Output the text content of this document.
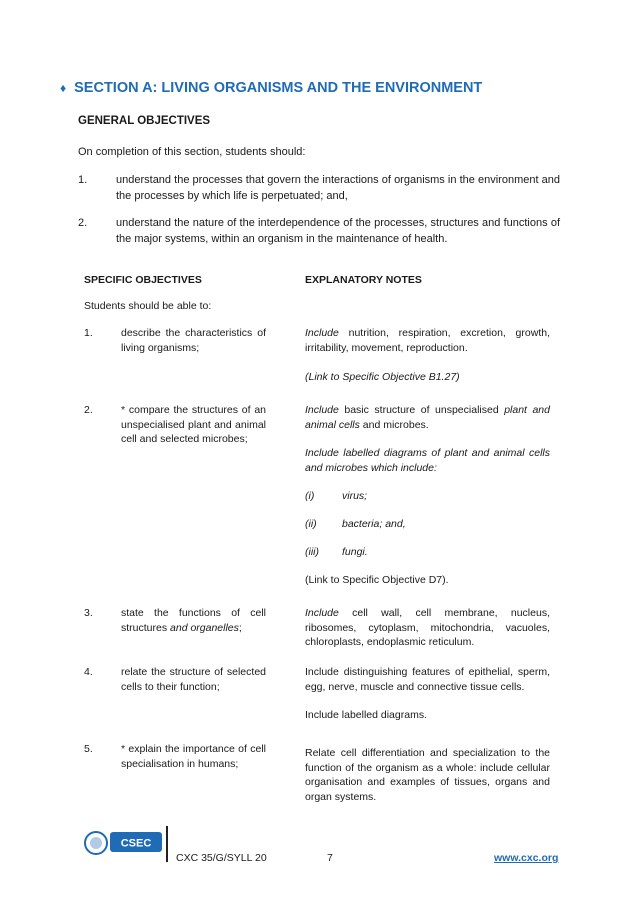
♦ SECTION A: LIVING ORGANISMS AND THE ENVIRONMENT
GENERAL OBJECTIVES
On completion of this section, students should:
1.	understand the processes that govern the interactions of organisms in the environment and the processes by which life is perpetuated; and,
2.	understand the nature of the interdependence of the processes, structures and functions of the major systems, within an organism in the maintenance of health.
SPECIFIC OBJECTIVES	EXPLANATORY NOTES
Students should be able to:
1.	describe the characteristics of living organisms;
Include nutrition, respiration, excretion, growth, irritability, movement, reproduction.
(Link to Specific Objective B1.27)
2.	* compare the structures of an unspecialised plant and animal cell and selected microbes;
Include basic structure of unspecialised plant and animal cells and microbes.
Include labelled diagrams of plant and animal cells and microbes which include:
(i)	virus;
(ii) bacteria; and,
(iii) fungi.
(Link to Specific Objective D7).
3.	state the functions of cell structures and organelles;
Include cell wall, cell membrane, nucleus, ribosomes, cytoplasm, mitochondria, vacuoles, chloroplasts, endoplasmic reticulum.
4.	relate the structure of selected cells to their function;
Include distinguishing features of epithelial, sperm, egg, nerve, muscle and connective tissue cells.
Include labelled diagrams.
5.	* explain the importance of cell specialisation in humans;
Relate cell differentiation and specialization to the function of the organism as a whole: include cellular organisation and examples of tissues, organs and organ systems.
CSEC
CXC 35/G/SYLL 20	7	www.cxc.org
